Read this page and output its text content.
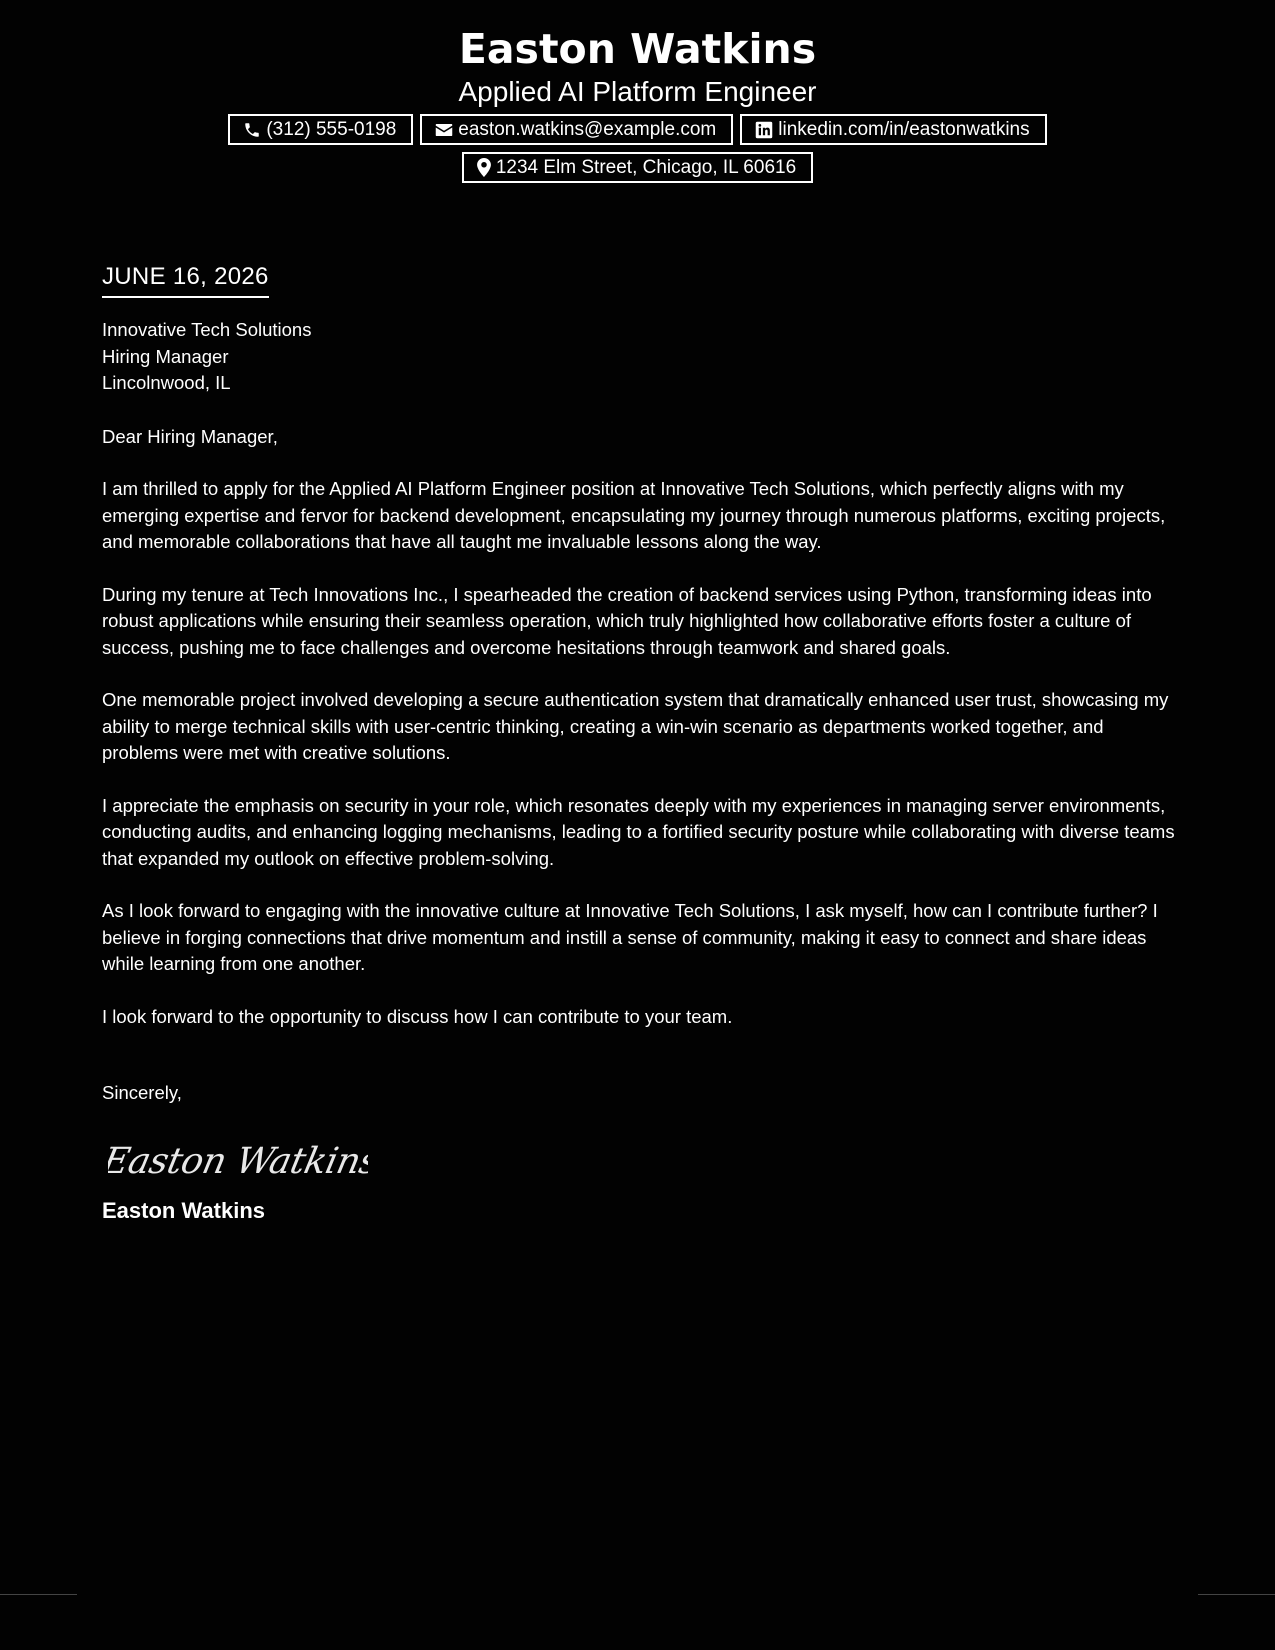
Easton Watkins
Applied AI Platform Engineer
(312) 555-0198	easton.watkins@example.com	linkedin.com/in/eastonwatkins
1234 Elm Street, Chicago, IL 60616
JUNE 16, 2026
Innovative Tech Solutions
Hiring Manager
Lincolnwood, IL
Dear Hiring Manager,
I am thrilled to apply for the Applied AI Platform Engineer position at Innovative Tech Solutions, which perfectly aligns with my emerging expertise and fervor for backend development, encapsulating my journey through numerous platforms, exciting projects, and memorable collaborations that have all taught me invaluable lessons along the way.
During my tenure at Tech Innovations Inc., I spearheaded the creation of backend services using Python, transforming ideas into robust applications while ensuring their seamless operation, which truly highlighted how collaborative efforts foster a culture of success, pushing me to face challenges and overcome hesitations through teamwork and shared goals.
One memorable project involved developing a secure authentication system that dramatically enhanced user trust, showcasing my ability to merge technical skills with user-centric thinking, creating a win-win scenario as departments worked together, and problems were met with creative solutions.
I appreciate the emphasis on security in your role, which resonates deeply with my experiences in managing server environments, conducting audits, and enhancing logging mechanisms, leading to a fortified security posture while collaborating with diverse teams that expanded my outlook on effective problem-solving.
As I look forward to engaging with the innovative culture at Innovative Tech Solutions, I ask myself, how can I contribute further? I believe in forging connections that drive momentum and instill a sense of community, making it easy to connect and share ideas while learning from one another.
I look forward to the opportunity to discuss how I can contribute to your team.
Sincerely,
Easton Watkins
Easton Watkins
